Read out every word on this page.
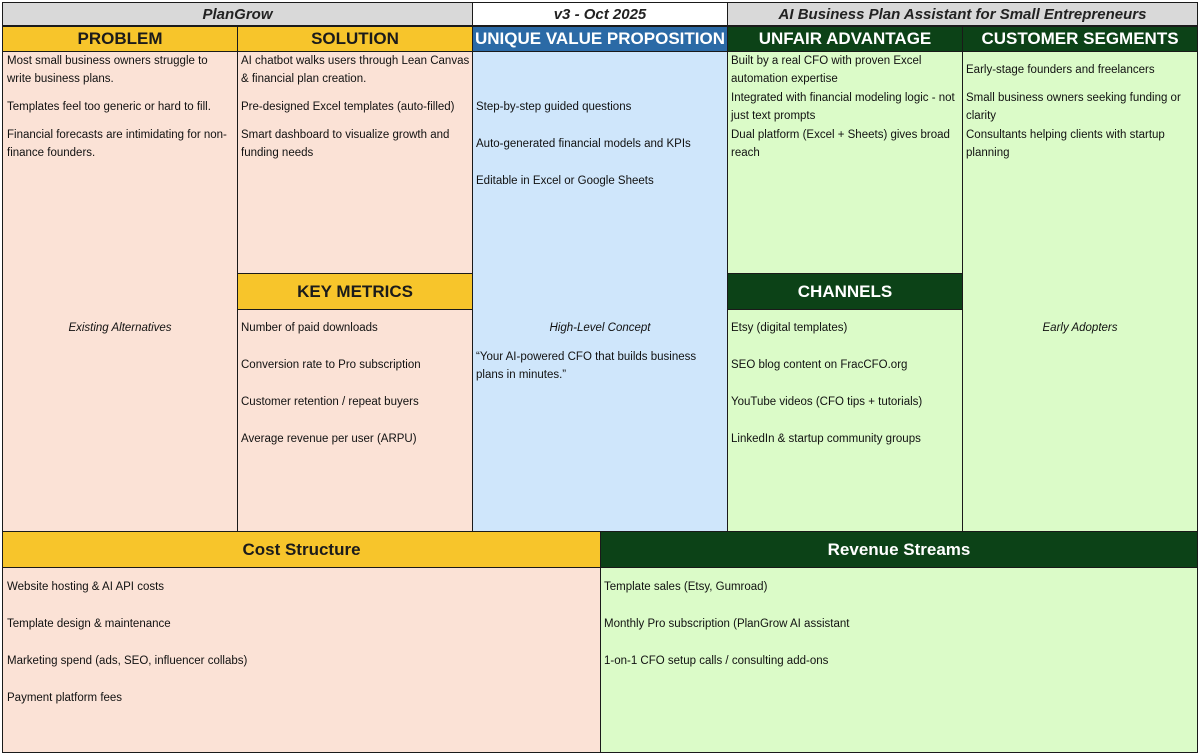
PlanGrow	v3 - Oct 2025	AI Business Plan Assistant for Small Entrepreneurs
PROBLEM
Most small business owners struggle to write business plans.
Templates feel too generic or hard to fill.
Financial forecasts are intimidating for non-finance founders.
Existing Alternatives
SOLUTION
AI chatbot walks users through Lean Canvas & financial plan creation.
Pre-designed Excel templates (auto-filled)
Smart dashboard to visualize growth and funding needs
KEY METRICS
Number of paid downloads
Conversion rate to Pro subscription
Customer retention / repeat buyers
Average revenue per user (ARPU)
UNIQUE VALUE PROPOSITION
Step-by-step guided questions
Auto-generated financial models and KPIs
Editable in Excel or Google Sheets
High-Level Concept
“Your AI-powered CFO that builds business plans in minutes.”
UNFAIR ADVANTAGE
Built by a real CFO with proven Excel automation expertise
Integrated with financial modeling logic - not just text prompts
Dual platform (Excel + Sheets) gives broad reach
CHANNELS
Etsy (digital templates)
SEO blog content on FracCFO.org
YouTube videos (CFO tips + tutorials)
LinkedIn & startup community groups
CUSTOMER SEGMENTS
Early-stage founders and freelancers
Small business owners seeking funding or clarity
Consultants helping clients with startup planning
Early Adopters
Cost Structure
Website hosting & AI API costs
Template design & maintenance
Marketing spend (ads, SEO, influencer collabs)
Payment platform fees
Revenue Streams
Template sales (Etsy, Gumroad)
Monthly Pro subscription (PlanGrow AI assistant
1-on-1 CFO setup calls / consulting add-ons
